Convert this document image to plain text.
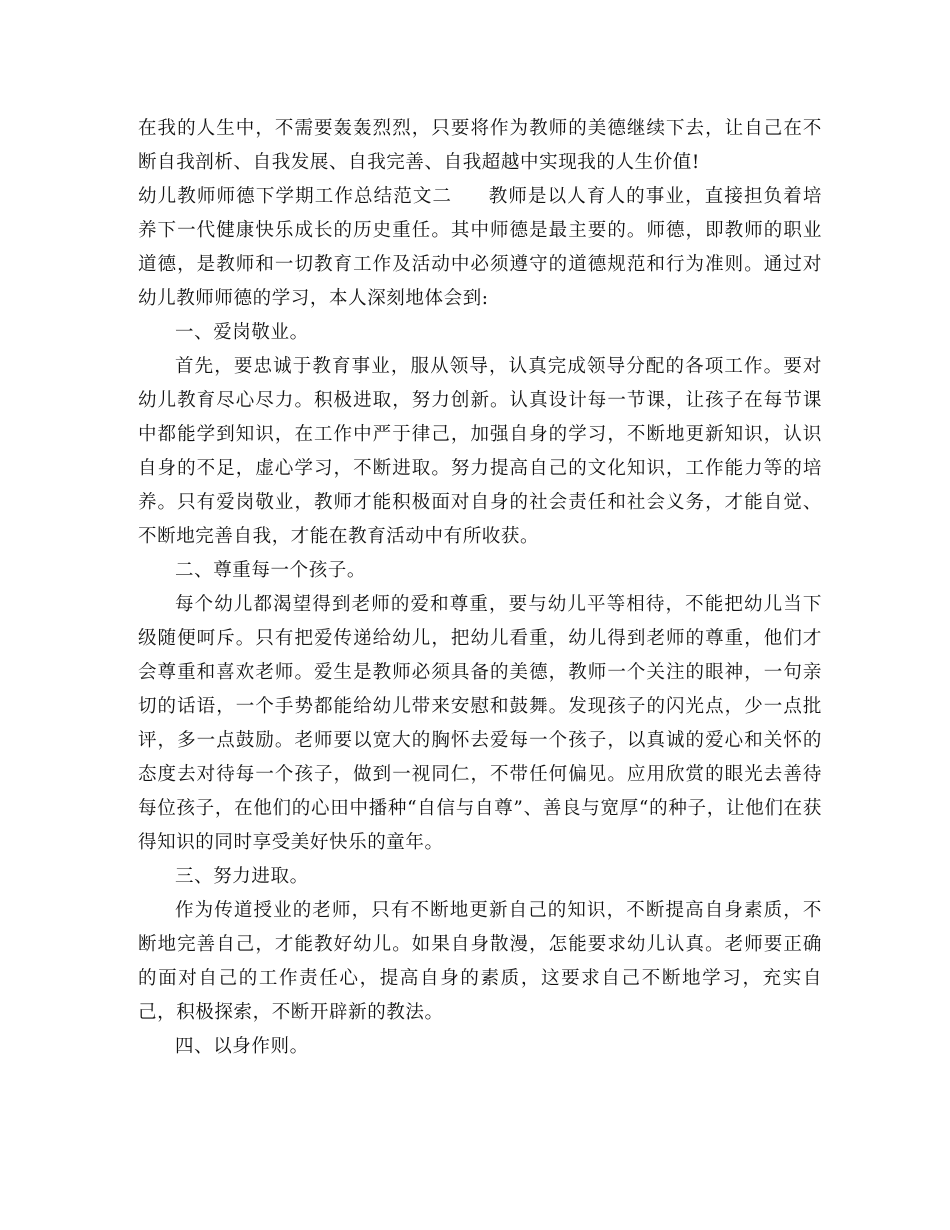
在我的人生中，不需要轰轰烈烈，只要将作为教师的美德继续下去，让自己在不断自我剖析、自我发展、自我完善、自我超越中实现我的人生价值!

幼儿教师师德下学期工作总结范文二 教师是以人育人的事业，直接担负着培养下一代健康快乐成长的历史重任。其中师德是最主要的。师德，即教师的职业道德，是教师和一切教育工作及活动中必须遵守的道德规范和行为准则。通过对幼儿教师师德的学习，本人深刻地体会到:

一、爱岗敬业。

首先，要忠诚于教育事业，服从领导，认真完成领导分配的各项工作。要对幼儿教育尽心尽力。积极进取，努力创新。认真设计每一节课，让孩子在每节课中都能学到知识，在工作中严于律己，加强自身的学习，不断地更新知识，认识自身的不足，虚心学习，不断进取。努力提高自己的文化知识，工作能力等的培养。只有爱岗敬业，教师才能积极面对自身的社会责任和社会义务，才能自觉、不断地完善自我，才能在教育活动中有所收获。

二、尊重每一个孩子。

每个幼儿都渴望得到老师的爱和尊重，要与幼儿平等相待，不能把幼儿当下级随便呵斥。只有把爱传递给幼儿，把幼儿看重，幼儿得到老师的尊重，他们才会尊重和喜欢老师。爱生是教师必须具备的美德，教师一个关注的眼神，一句亲切的话语，一个手势都能给幼儿带来安慰和鼓舞。发现孩子的闪光点，少一点批评，多一点鼓励。老师要以宽大的胸怀去爱每一个孩子，以真诚的爱心和关怀的态度去对待每一个孩子，做到一视同仁，不带任何偏见。应用欣赏的眼光去善待每位孩子，在他们的心田中播种“自信与自尊”、善良与宽厚“的种子，让他们在获得知识的同时享受美好快乐的童年。

三、努力进取。

作为传道授业的老师，只有不断地更新自己的知识，不断提高自身素质，不断地完善自己，才能教好幼儿。如果自身散漫，怎能要求幼儿认真。老师要正确的面对自己的工作责任心，提高自身的素质，这要求自己不断地学习，充实自己，积极探索，不断开辟新的教法。

四、以身作则。
